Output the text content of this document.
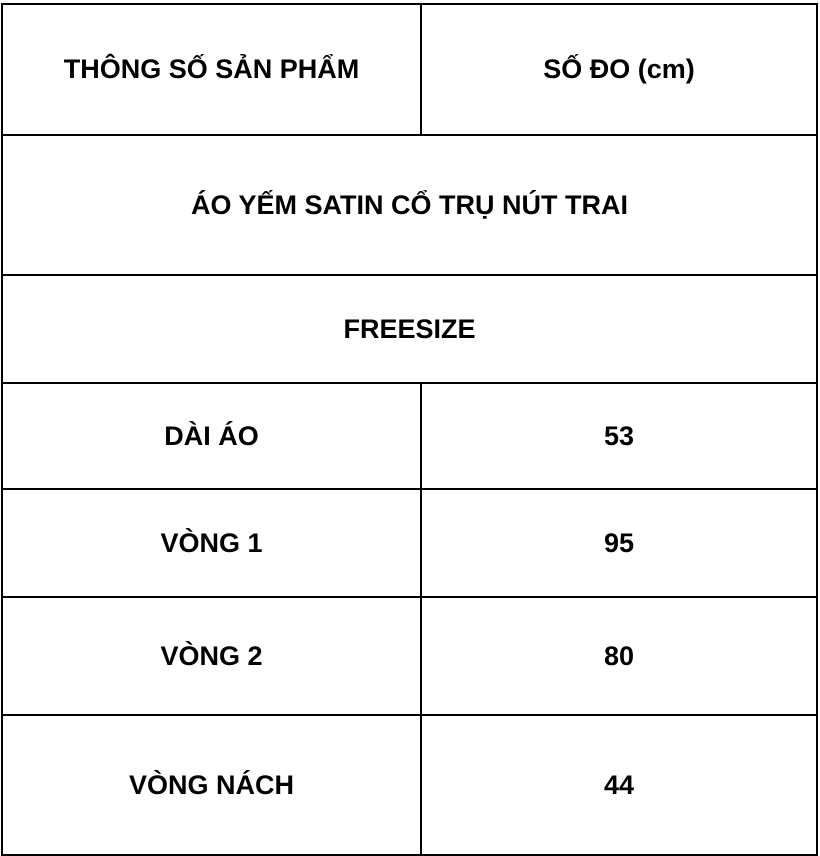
THÔNG SỐ SẢN PHẨM	SỐ ĐO (cm)
ÁO YẾM SATIN CỔ TRỤ NÚT TRAI	
FREESIZE	
DÀI ÁO	53
VÒNG 1	95
VÒNG 2	80
VÒNG NÁCH	44
